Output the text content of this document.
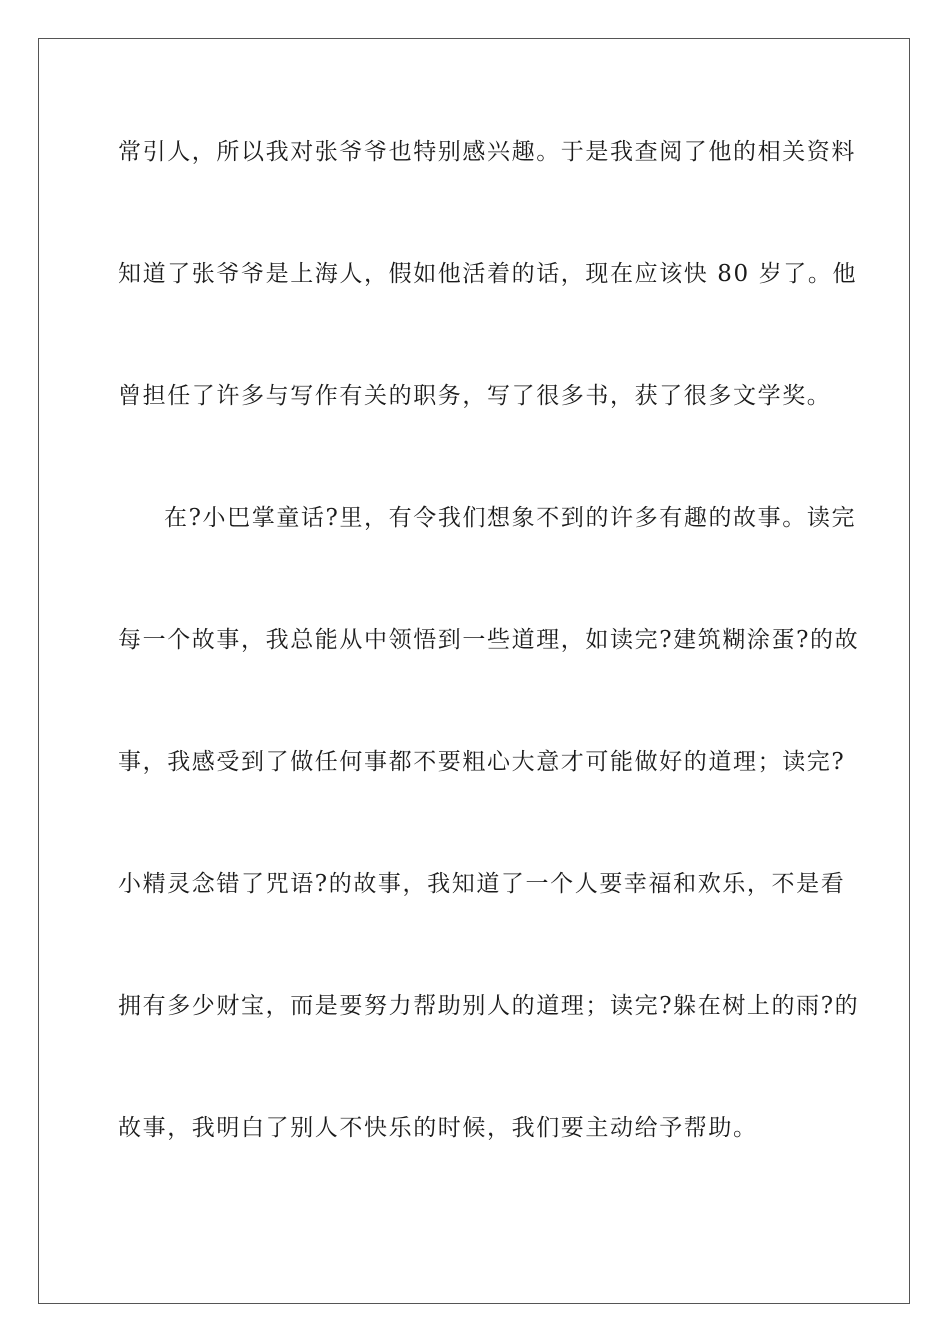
常引人，所以我对张爷爷也特别感兴趣。于是我查阅了他的相关资料
知道了张爷爷是上海人，假如他活着的话，现在应该快 80 岁了。他
曾担任了许多与写作有关的职务，写了很多书，获了很多文学奖。
在?小巴掌童话?里，有令我们想象不到的许多有趣的故事。读完
每一个故事，我总能从中领悟到一些道理，如读完?建筑糊涂蛋?的故
事，我感受到了做任何事都不要粗心大意才可能做好的道理；读完?
小精灵念错了咒语?的故事，我知道了一个人要幸福和欢乐，不是看
拥有多少财宝，而是要努力帮助别人的道理；读完?躲在树上的雨?的
故事，我明白了别人不快乐的时候，我们要主动给予帮助。
